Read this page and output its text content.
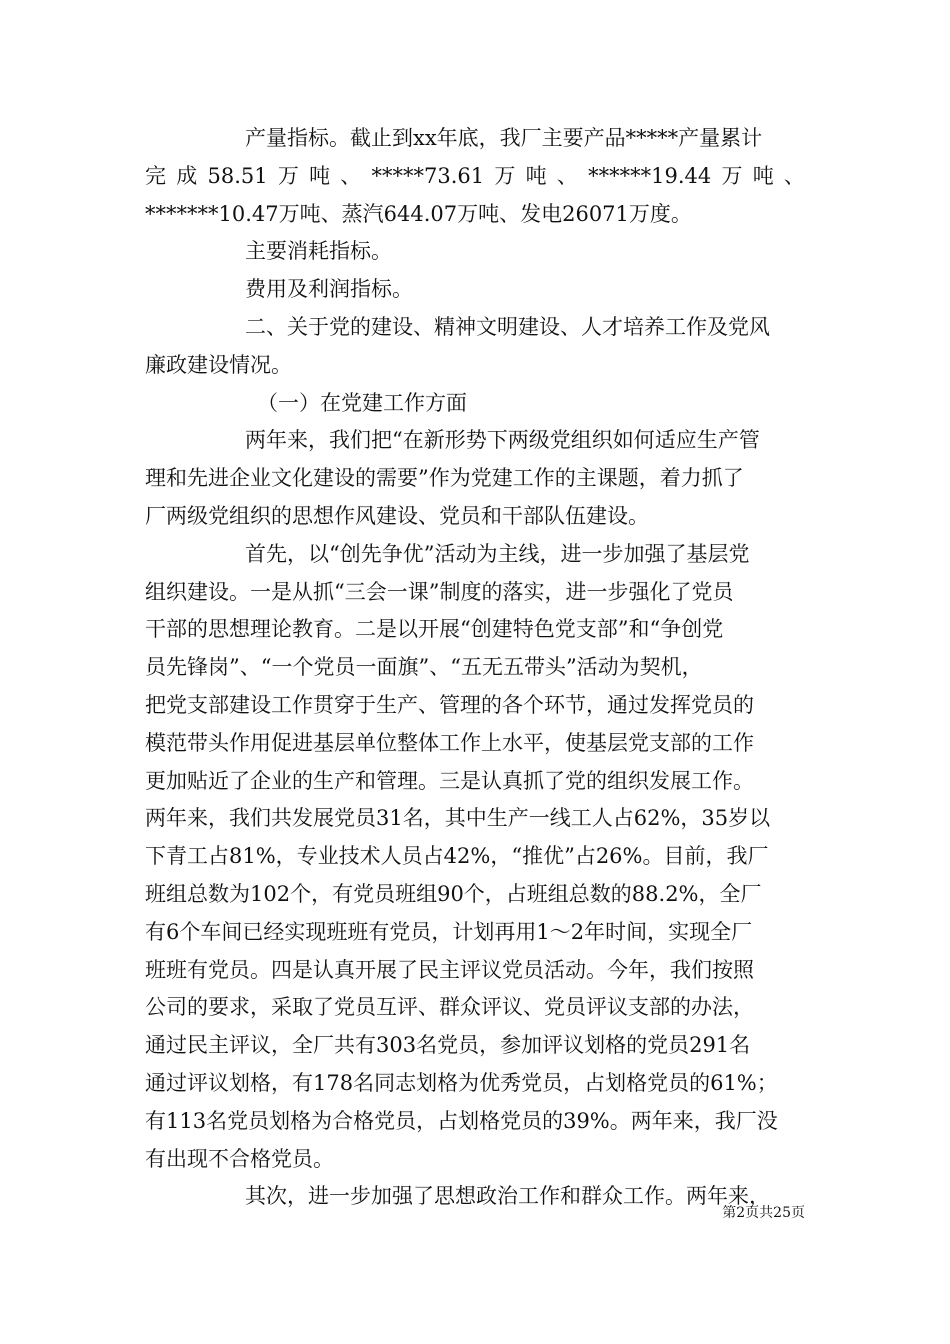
产量指标。截止到xx年底，我厂主要产品*****产量累计
完 成 58.51 万 吨 、 *****73.61 万 吨 、 ******19.44 万 吨 、
*******10.47万吨、蒸汽644.07万吨、发电26071万度。
主要消耗指标。
费用及利润指标。
二、关于党的建设、精神文明建设、人才培养工作及党风
廉政建设情况。
（一）在党建工作方面
两年来，我们把“在新形势下两级党组织如何适应生产管
理和先进企业文化建设的需要”作为党建工作的主课题，着力抓了
厂两级党组织的思想作风建设、党员和干部队伍建设。
首先，以“创先争优”活动为主线，进一步加强了基层党
组织建设。一是从抓“三会一课”制度的落实，进一步强化了党员
干部的思想理论教育。二是以开展“创建特色党支部”和“争创党
员先锋岗”、“一个党员一面旗”、“五无五带头”活动为契机，
把党支部建设工作贯穿于生产、管理的各个环节，通过发挥党员的
模范带头作用促进基层单位整体工作上水平，使基层党支部的工作
更加贴近了企业的生产和管理。三是认真抓了党的组织发展工作。
两年来，我们共发展党员31名，其中生产一线工人占62%，35岁以
下青工占81%，专业技术人员占42%，“推优”占26%。目前，我厂
班组总数为102个，有党员班组90个，占班组总数的88.2%，全厂
有6个车间已经实现班班有党员，计划再用1～2年时间，实现全厂
班班有党员。四是认真开展了民主评议党员活动。今年，我们按照
公司的要求，采取了党员互评、群众评议、党员评议支部的办法，
通过民主评议，全厂共有303名党员，参加评议划格的党员291名
通过评议划格，有178名同志划格为优秀党员，占划格党员的61%；
有113名党员划格为合格党员，占划格党员的39%。两年来，我厂没
有出现不合格党员。
其次，进一步加强了思想政治工作和群众工作。两年来，
第2页共25页
